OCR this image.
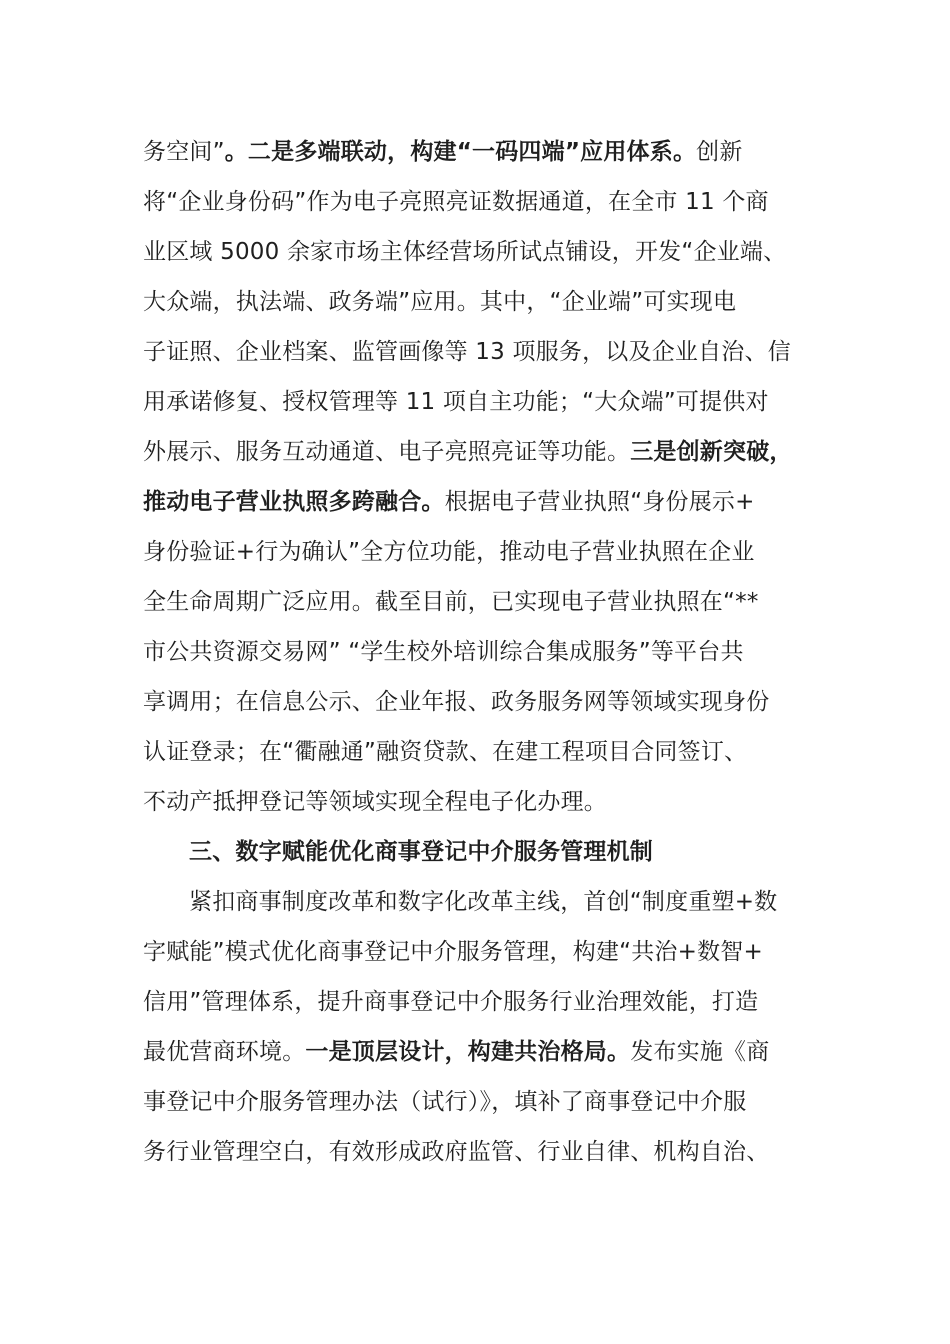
务空间”。二是多端联动，构建“一码四端”应用体系。创新
将“企业身份码”作为电子亮照亮证数据通道，在全市 11 个商
业区域 5000 余家市场主体经营场所试点铺设，开发“企业端、
大众端，执法端、政务端”应用。其中，“企业端”可实现电
子证照、企业档案、监管画像等 13 项服务，以及企业自治、信
用承诺修复、授权管理等 11 项自主功能；“大众端”可提供对
外展示、服务互动通道、电子亮照亮证等功能。三是创新突破，
推动电子营业执照多跨融合。根据电子营业执照“身份展示+
身份验证+行为确认”全方位功能，推动电子营业执照在企业
全生命周期广泛应用。截至目前，已实现电子营业执照在“**
市公共资源交易网” “学生校外培训综合集成服务”等平台共
享调用；在信息公示、企业年报、政务服务网等领域实现身份
认证登录；在“衢融通”融资贷款、在建工程项目合同签订、
不动产抵押登记等领域实现全程电子化办理。
三、数字赋能优化商事登记中介服务管理机制
紧扣商事制度改革和数字化改革主线，首创“制度重塑+数
字赋能”模式优化商事登记中介服务管理，构建“共治+数智+
信用”管理体系，提升商事登记中介服务行业治理效能，打造
最优营商环境。一是顶层设计，构建共治格局。发布实施《商
事登记中介服务管理办法（试行）》，填补了商事登记中介服
务行业管理空白，有效形成政府监管、行业自律、机构自治、
